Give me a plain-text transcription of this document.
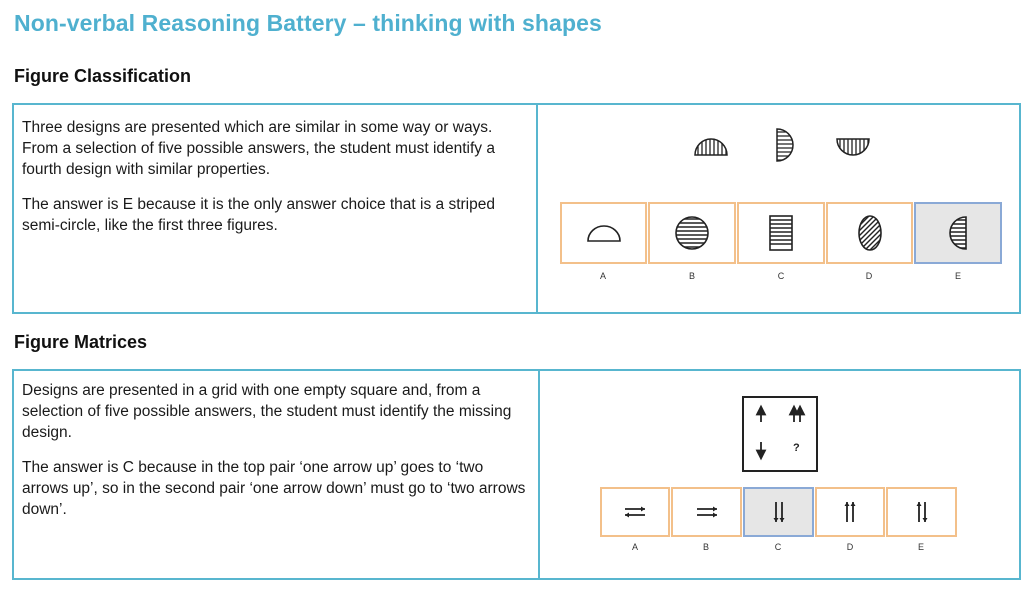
Non-verbal Reasoning Battery – thinking with shapes
Figure Classification

Three designs are presented which are similar in some way or ways. From a selection of five possible answers, the student must identify a fourth design with similar properties.

The answer is E because it is the only answer choice that is a striped semi-circle, like the first three figures.

A	B	C	D	E
Figure Matrices

Designs are presented in a grid with one empty square and, from a selection of five possible answers, the student must identify the missing design.

The answer is C because in the top pair ‘one arrow up’ goes to ‘two arrows up’, so in the second pair ‘one arrow down’ must go to ‘two arrows down’.

?
A	B	C	D	E
